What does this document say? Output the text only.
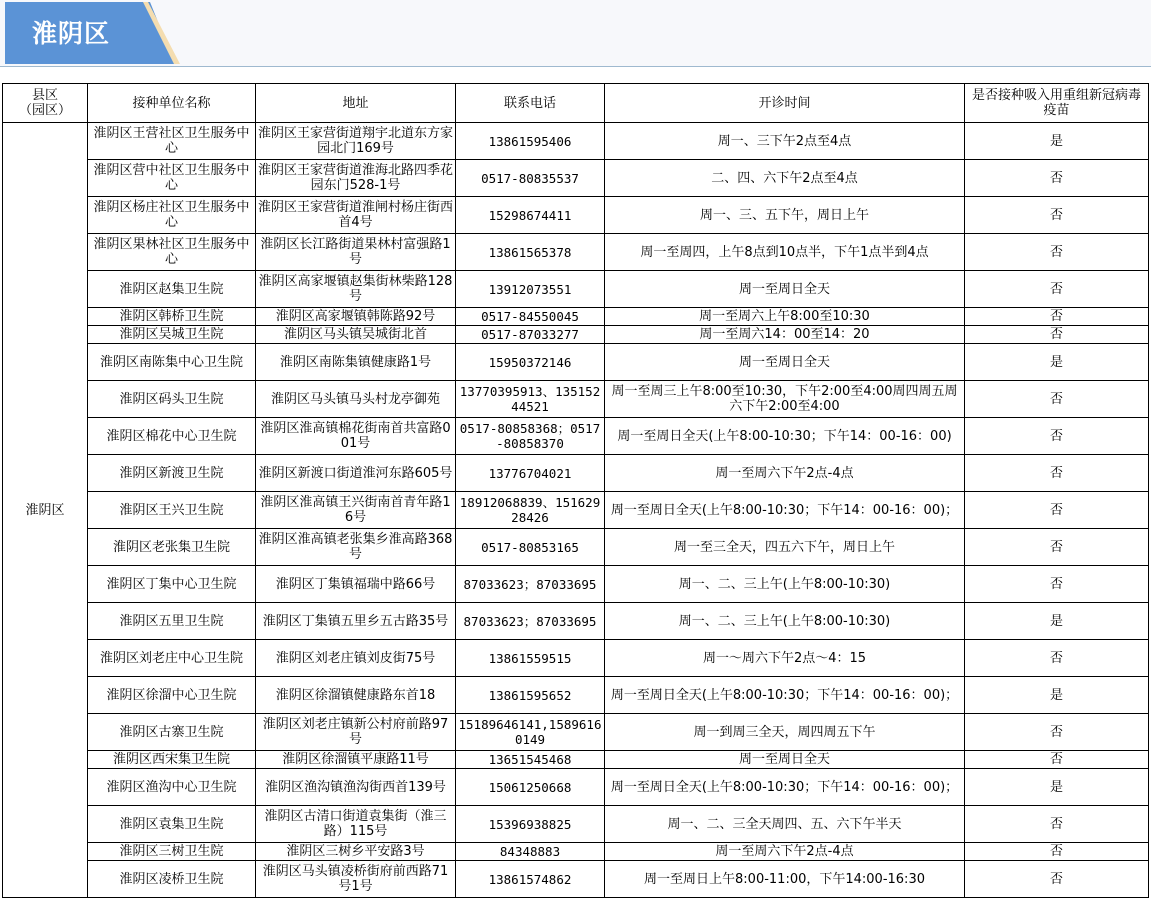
淮阴区
县区
（园区）	接种单位名称	地址	联系电话	开诊时间	是否接种吸入用重组新冠病毒疫苗
淮阴区	淮阴区王营社区卫生服务中心	淮阴区王家营街道翔宇北道东方家园北门169号	13861595406	周一、三下午2点至4点	是
	淮阴区营中社区卫生服务中心	淮阴区王家营街道淮海北路四季花园东门528-1号	0517-80835537	二、四、六下午2点至4点	否
	淮阴区杨庄社区卫生服务中心	淮阴区王家营街道淮闸村杨庄街西首4号	15298674411	周一、三、五下午，周日上午	否
	淮阴区果林社区卫生服务中心	淮阴区长江路街道果林村富强路1号	13861565378	周一至周四，上午8点到10点半，下午1点半到4点	否
	淮阴区赵集卫生院	淮阴区高家堰镇赵集街林柴路128号	13912073551	周一至周日全天	否
	淮阴区韩桥卫生院	淮阴区高家堰镇韩陈路92号	0517-84550045	周一至周六上午8:00至10:30	否
	淮阴区吴城卫生院	淮阴区马头镇吴城街北首	0517-87033277	周一至周六14：00至14：20	否
	淮阴区南陈集中心卫生院	淮阴区南陈集镇健康路1号	15950372146	周一至周日全天	是
	淮阴区码头卫生院	淮阴区马头镇马头村龙亭御苑	13770395913、13515244521	周一至周三上午8:00至10:30，下午2:00至4:00周四周五周六下午2:00至4:00	否
	淮阴区棉花中心卫生院	淮阴区淮高镇棉花街南首共富路001号	0517-80858368；0517-80858370	周一至周日全天(上午8:00-10:30；下午14：00-16：00)	否
	淮阴区新渡卫生院	淮阴区新渡口街道淮河东路605号	13776704021	周一至周六下午2点-4点	否
	淮阴区王兴卫生院	淮阴区淮高镇王兴街南首青年路16号	18912068839、15162928426	周一至周日全天(上午8:00-10:30；下午14：00-16：00)；	否
	淮阴区老张集卫生院	淮阴区淮高镇老张集乡淮高路368号	0517-80853165	周一至三全天，四五六下午，周日上午	否
	淮阴区丁集中心卫生院	淮阴区丁集镇福瑞中路66号	87033623；87033695	周一、二、三上午(上午8:00-10:30)	否
	淮阴区五里卫生院	淮阴区丁集镇五里乡五古路35号	87033623；87033695	周一、二、三上午(上午8:00-10:30)	是
	淮阴区刘老庄中心卫生院	淮阴区刘老庄镇刘皮街75号	13861559515	周一～周六下午2点～4：15	否
	淮阴区徐溜中心卫生院	淮阴区徐溜镇健康路东首18	13861595652	周一至周日全天(上午8:00-10:30；下午14：00-16：00)；	是
	淮阴区古寨卫生院	淮阴区刘老庄镇新公村府前路97号	15189646141,15896160149	周一到周三全天，周四周五下午	否
	淮阴区西宋集卫生院	淮阴区徐溜镇平康路11号	13651545468	周一至周日全天	否
	淮阴区渔沟中心卫生院	淮阴区渔沟镇渔沟街西首139号	15061250668	周一至周日全天(上午8:00-10:30；下午14：00-16：00)；	是
	淮阴区袁集卫生院	淮阴区古清口街道袁集街（淮三路）115号	15396938825	周一、二、三全天周四、五、六下午半天	否
	淮阴区三树卫生院	淮阴区三树乡平安路3号	84348883	周一至周六下午2点-4点	否
	淮阴区凌桥卫生院	淮阴区马头镇凌桥街府前西路71号1号	13861574862	周一至周日上午8:00-11:00，下午14:00-16:30	否
